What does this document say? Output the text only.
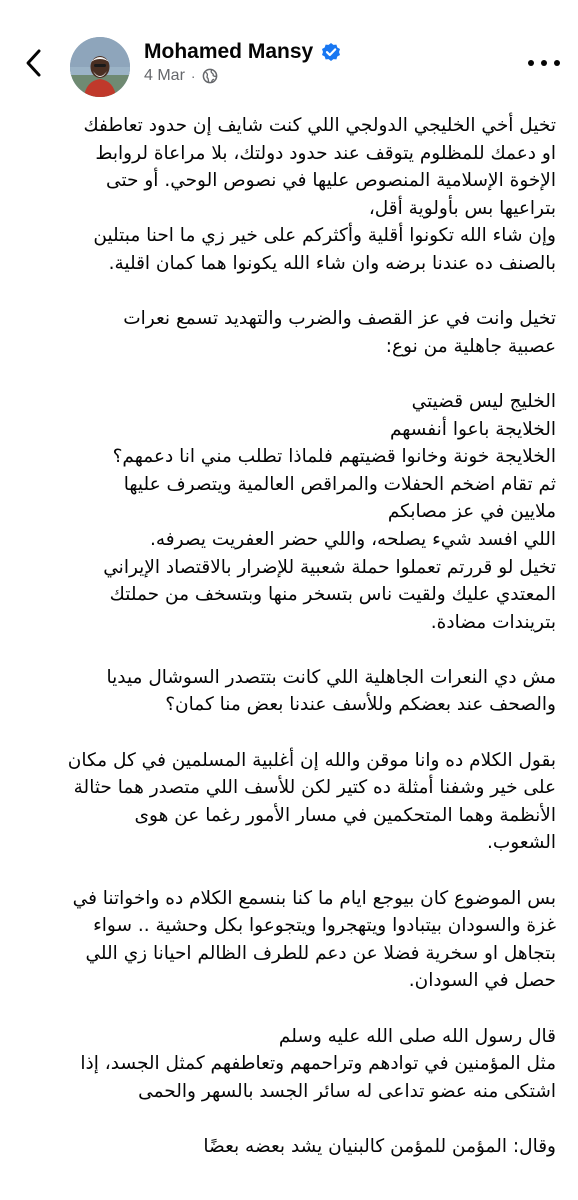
Mohamed Mansy
4 Mar ·
تخيل أخي الخليجي الدولجي اللي كنت شايف إن حدود تعاطفك
او دعمك للمظلوم يتوقف عند حدود دولتك، بلا مراعاة لروابط
الإخوة الإسلامية المنصوص عليها في نصوص الوحي. أو حتى
بتراعيها بس بأولوية أقل،
وإن شاء الله تكونوا أقلية وأكثركم على خير زي ما احنا مبتلين
بالصنف ده عندنا برضه وان شاء الله يكونوا هما كمان اقلية.
تخيل وانت في عز القصف والضرب والتهديد تسمع نعرات
عصبية جاهلية من نوع:
الخليج ليس قضيتي
الخلايجة باعوا أنفسهم
الخلايجة خونة وخانوا قضيتهم فلماذا تطلب مني انا دعمهم؟
ثم تقام اضخم الحفلات والمراقص العالمية ويتصرف عليها
ملايين في عز مصابكم
اللي افسد شيء يصلحه، واللي حضر العفريت يصرفه.
تخيل لو قررتم تعملوا حملة شعبية للإضرار بالاقتصاد الإيراني
المعتدي عليك ولقيت ناس بتسخر منها وبتسخف من حملتك
بتريندات مضادة.
مش دي النعرات الجاهلية اللي كانت بتتصدر السوشال ميديا
والصحف عند بعضكم وللأسف عندنا بعض منا كمان؟
بقول الكلام ده وانا موقن والله إن أغلبية المسلمين في كل مكان
على خير وشفنا أمثلة ده كتير لكن للأسف اللي متصدر هما حثالة
الأنظمة وهما المتحكمين في مسار الأمور رغما عن هوى
الشعوب.
بس الموضوع كان بيوجع ايام ما كنا بنسمع الكلام ده واخواتنا في
غزة والسودان بيتبادوا ويتهجروا ويتجوعوا بكل وحشية .. سواء
بتجاهل او سخرية فضلا عن دعم للطرف الظالم احيانا زي اللي
حصل في السودان.
قال رسول الله صلى الله عليه وسلم
مثل المؤمنين في توادهم وتراحمهم وتعاطفهم كمثل الجسد، إذا
اشتكى منه عضو تداعى له سائر الجسد بالسهر والحمى
وقال: المؤمن للمؤمن كالبنيان يشد بعضه بعضًا
